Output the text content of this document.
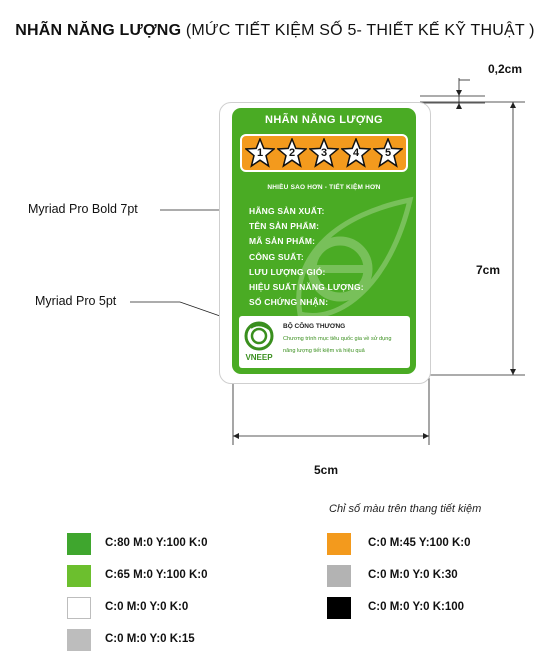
NHÃN NĂNG LƯỢNG (MỨC TIẾT KIỆM SỐ 5- THIẾT KẾ KỸ THUẬT )
0,2cm
7cm
5cm
Myriad Pro Bold 7pt
Myriad Pro 5pt
NHÃN NĂNG LƯỢNG
1	2	3	4	5
NHIỀU SAO HƠN - TIẾT KIỆM HƠN
HÃNG SẢN XUẤT:
TÊN SẢN PHẨM:
MÃ SẢN PHẨM:
CÔNG SUẤT:
LƯU LƯỢNG GIÓ:
HIỆU SUẤT NĂNG LƯỢNG:
SỐ CHỨNG NHẬN:
VNEEP
BỘ CÔNG THƯƠNG
Chương trình mục tiêu quốc gia về sử dụng
năng lượng tiết kiệm và hiệu quả
Chỉ số màu trên thang tiết kiệm
C:80 M:0 Y:100 K:0
C:65 M:0 Y:100 K:0
C:0 M:0 Y:0 K:0
C:0 M:0 Y:0 K:15
C:0 M:45 Y:100 K:0
C:0 M:0 Y:0 K:30
C:0 M:0 Y:0 K:100
